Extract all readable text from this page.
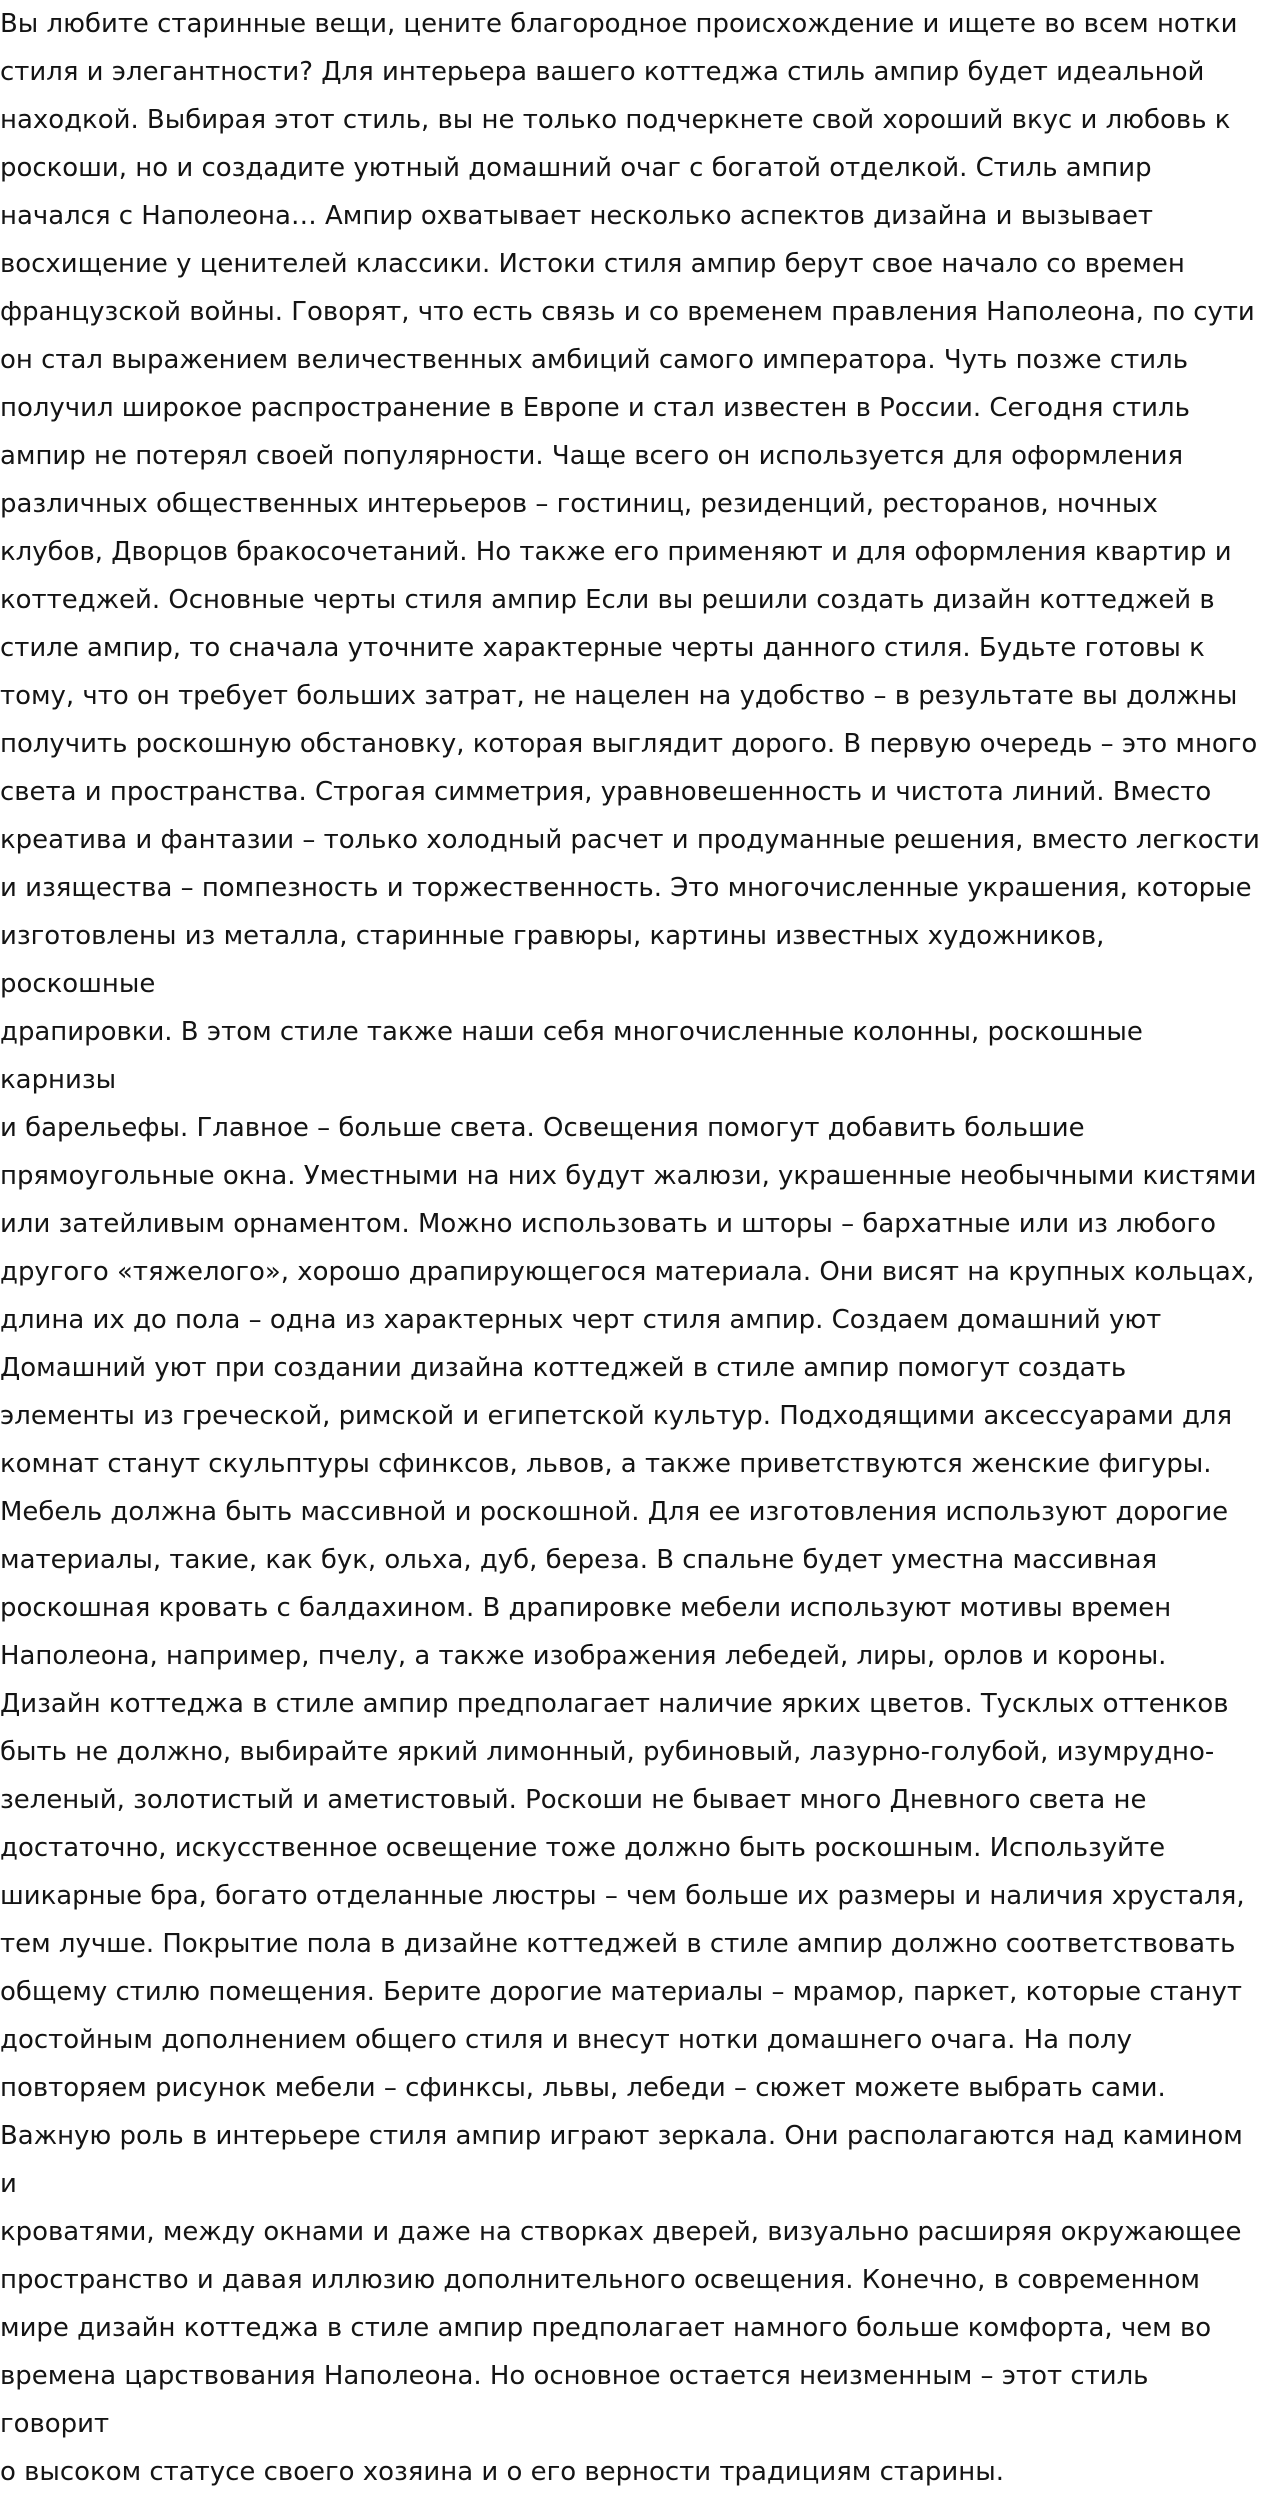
Вы любите старинные вещи, цените благородное происхождение и ищете во всем нотки
стиля и элегантности? Для интерьера вашего коттеджа стиль ампир будет идеальной
находкой. Выбирая этот стиль, вы не только подчеркнете свой хороший вкус и любовь к
роскоши, но и создадите уютный домашний очаг с богатой отделкой. Стиль ампир
начался с Наполеона… Ампир охватывает несколько аспектов дизайна и вызывает
восхищение у ценителей классики. Истоки стиля ампир берут свое начало со времен
французской войны. Говорят, что есть связь и со временем правления Наполеона, по сути
он стал выражением величественных амбиций самого императора. Чуть позже стиль
получил широкое распространение в Европе и стал известен в России. Сегодня стиль
ампир не потерял своей популярности. Чаще всего он используется для оформления
различных общественных интерьеров – гостиниц, резиденций, ресторанов, ночных
клубов, Дворцов бракосочетаний. Но также его применяют и для оформления квартир и
коттеджей. Основные черты стиля ампир Если вы решили создать дизайн коттеджей в
стиле ампир, то сначала уточните характерные черты данного стиля. Будьте готовы к
тому, что он требует больших затрат, не нацелен на удобство – в результате вы должны
получить роскошную обстановку, которая выглядит дорого. В первую очередь – это много
света и пространства. Строгая симметрия, уравновешенность и чистота линий. Вместо
креатива и фантазии – только холодный расчет и продуманные решения, вместо легкости
и изящества – помпезность и торжественность. Это многочисленные украшения, которые
изготовлены из металла, старинные гравюры, картины известных художников, роскошные
драпировки. В этом стиле также наши себя многочисленные колонны, роскошные карнизы
и барельефы. Главное – больше света. Освещения помогут добавить большие
прямоугольные окна. Уместными на них будут жалюзи, украшенные необычными кистями
или затейливым орнаментом. Можно использовать и шторы – бархатные или из любого
другого «тяжелого», хорошо драпирующегося материала. Они висят на крупных кольцах,
длина их до пола – одна из характерных черт стиля ампир. Создаем домашний уют
Домашний уют при создании дизайна коттеджей в стиле ампир помогут создать
элементы из греческой, римской и египетской культур. Подходящими аксессуарами для
комнат станут скульптуры сфинксов, львов, а также приветствуются женские фигуры.
Мебель должна быть массивной и роскошной. Для ее изготовления используют дорогие
материалы, такие, как бук, ольха, дуб, береза. В спальне будет уместна массивная
роскошная кровать с балдахином. В драпировке мебели используют мотивы времен
Наполеона, например, пчелу, а также изображения лебедей, лиры, орлов и короны.
Дизайн коттеджа в стиле ампир предполагает наличие ярких цветов. Тусклых оттенков
быть не должно, выбирайте яркий лимонный, рубиновый, лазурно-голубой, изумрудно-
зеленый, золотистый и аметистовый. Роскоши не бывает много Дневного света не
достаточно, искусственное освещение тоже должно быть роскошным. Используйте
шикарные бра, богато отделанные люстры – чем больше их размеры и наличия хрусталя,
тем лучше. Покрытие пола в дизайне коттеджей в стиле ампир должно соответствовать
общему стилю помещения. Берите дорогие материалы – мрамор, паркет, которые станут
достойным дополнением общего стиля и внесут нотки домашнего очага. На полу
повторяем рисунок мебели – сфинксы, львы, лебеди – сюжет можете выбрать сами.
Важную роль в интерьере стиля ампир играют зеркала. Они располагаются над камином и
кроватями, между окнами и даже на створках дверей, визуально расширяя окружающее
пространство и давая иллюзию дополнительного освещения. Конечно, в современном
мире дизайн коттеджа в стиле ампир предполагает намного больше комфорта, чем во
времена царствования Наполеона. Но основное остается неизменным – этот стиль говорит
о высоком статусе своего хозяина и о его верности традициям старины.
